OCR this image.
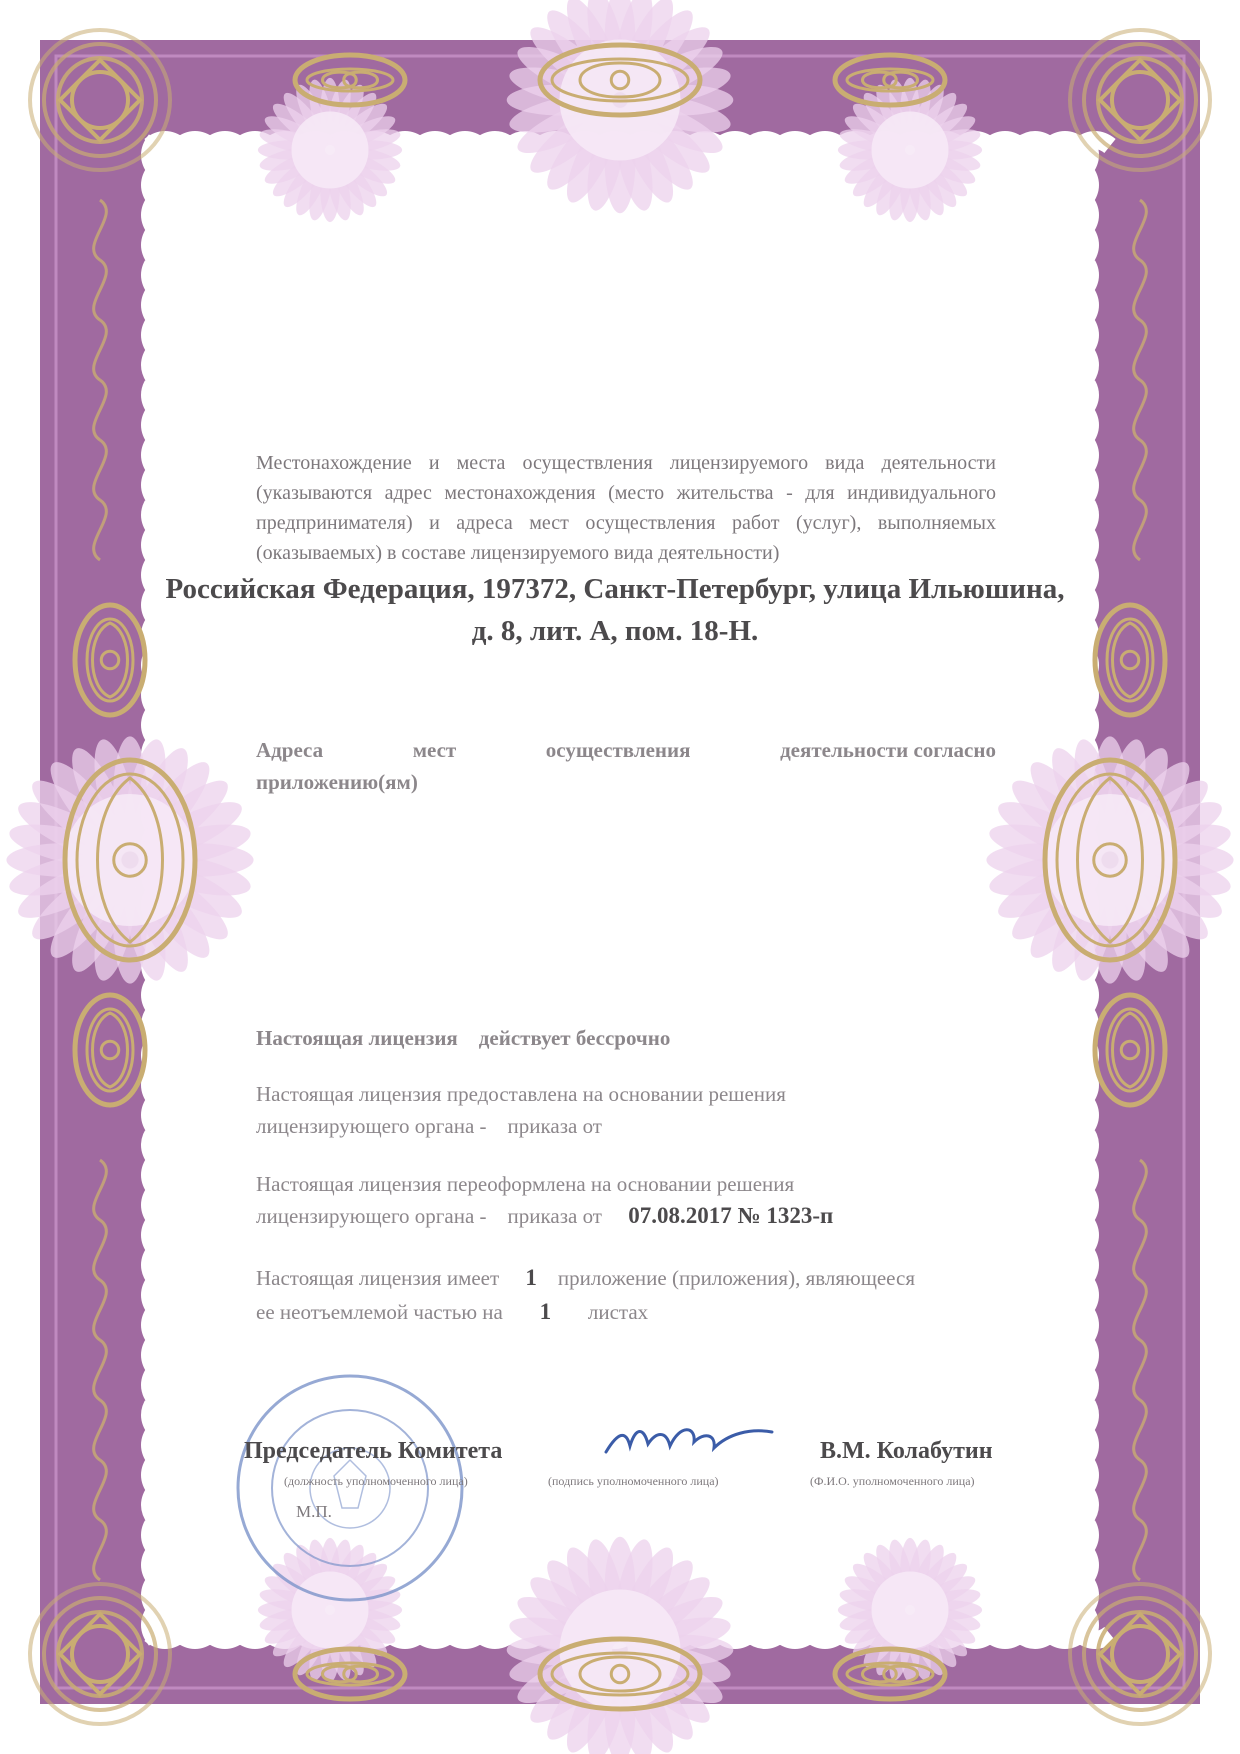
Местонахождение и места осуществления лицензируемого вида деятельности (указываются адрес местонахождения (место жительства - для индивидуального предпринимателя) и адреса мест осуществления работ (услуг), выполняемых (оказываемых) в составе лицензируемого вида деятельности)
Российская Федерация, 197372, Санкт-Петербург, улица Ильюшина,
д. 8, лит. А, пом. 18-Н.
Адреса	мест	осуществления	деятельности согласно
приложению(ям)
Настоящая лицензия действует бессрочно
Настоящая лицензия предоставлена на основании решения
лицензирующего органа - приказа от
Настоящая лицензия переоформлена на основании решения
лицензирующего органа - приказа от 07.08.2017 № 1323-п
Настоящая лицензия имеет 1 приложение (приложения), являющееся
ее неотъемлемой частью на 1 листах
Председатель Комитета	В.М. Колабутин
(должность уполномоченного лица)	(подпись уполномоченного лица)	(Ф.И.О. уполномоченного лица)
М.П.
